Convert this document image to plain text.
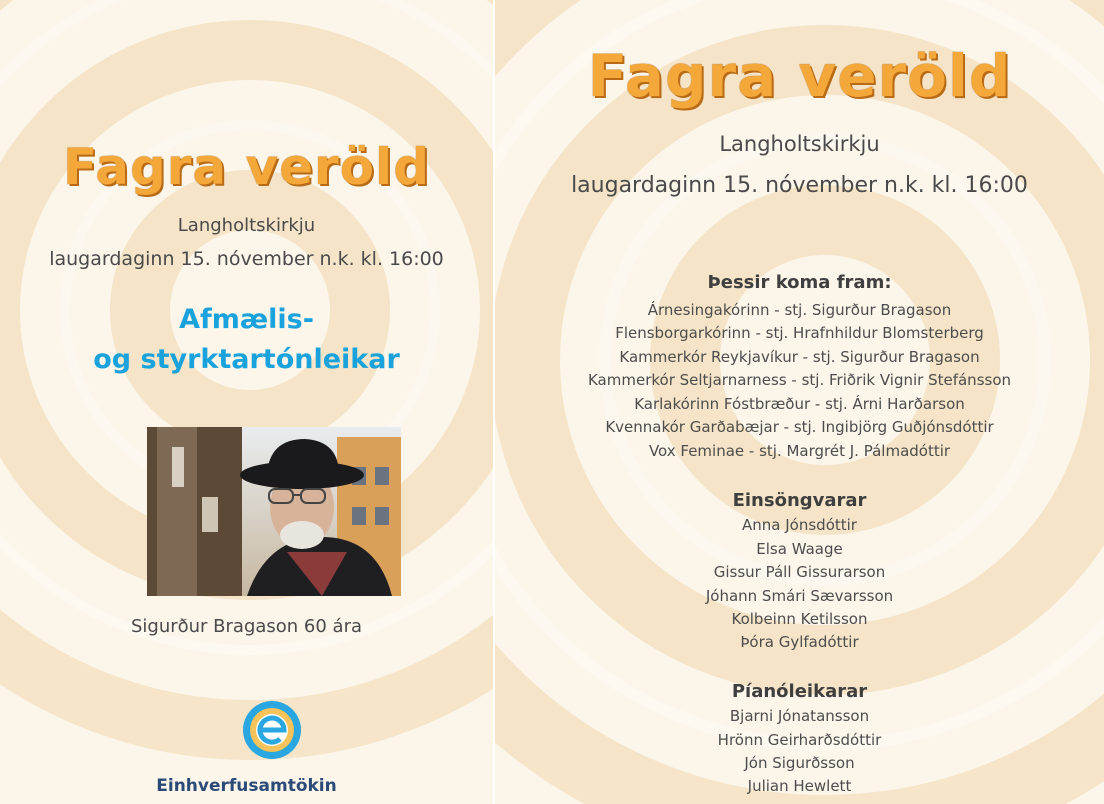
Fagra veröld
Langholtskirkju
laugardaginn 15. nóvember n.k. kl. 16:00
Afmælis-
og styrktartónleikar
Sigurður Bragason 60 ára
Einhverfusamtökin
Fagra veröld
Langholtskirkju
laugardaginn 15. nóvember n.k. kl. 16:00
Þessir koma fram:
Árnesingakórinn - stj. Sigurður Bragason
Flensborgarkórinn - stj. Hrafnhildur Blomsterberg
Kammerkór Reykjavíkur - stj. Sigurður Bragason
Kammerkór Seltjarnarness - stj. Friðrik Vignir Stefánsson
Karlakórinn Fóstbræður - stj. Árni Harðarson
Kvennakór Garðabæjar - stj. Ingibjörg Guðjónsdóttir
Vox Feminae - stj. Margrét J. Pálmadóttir
Einsöngvarar
Anna Jónsdóttir
Elsa Waage
Gissur Páll Gissurarson
Jóhann Smári Sævarsson
Kolbeinn Ketilsson
Þóra Gylfadóttir
Píanóleikarar
Bjarni Jónatansson
Hrönn Geirharðsdóttir
Jón Sigurðsson
Julian Hewlett
